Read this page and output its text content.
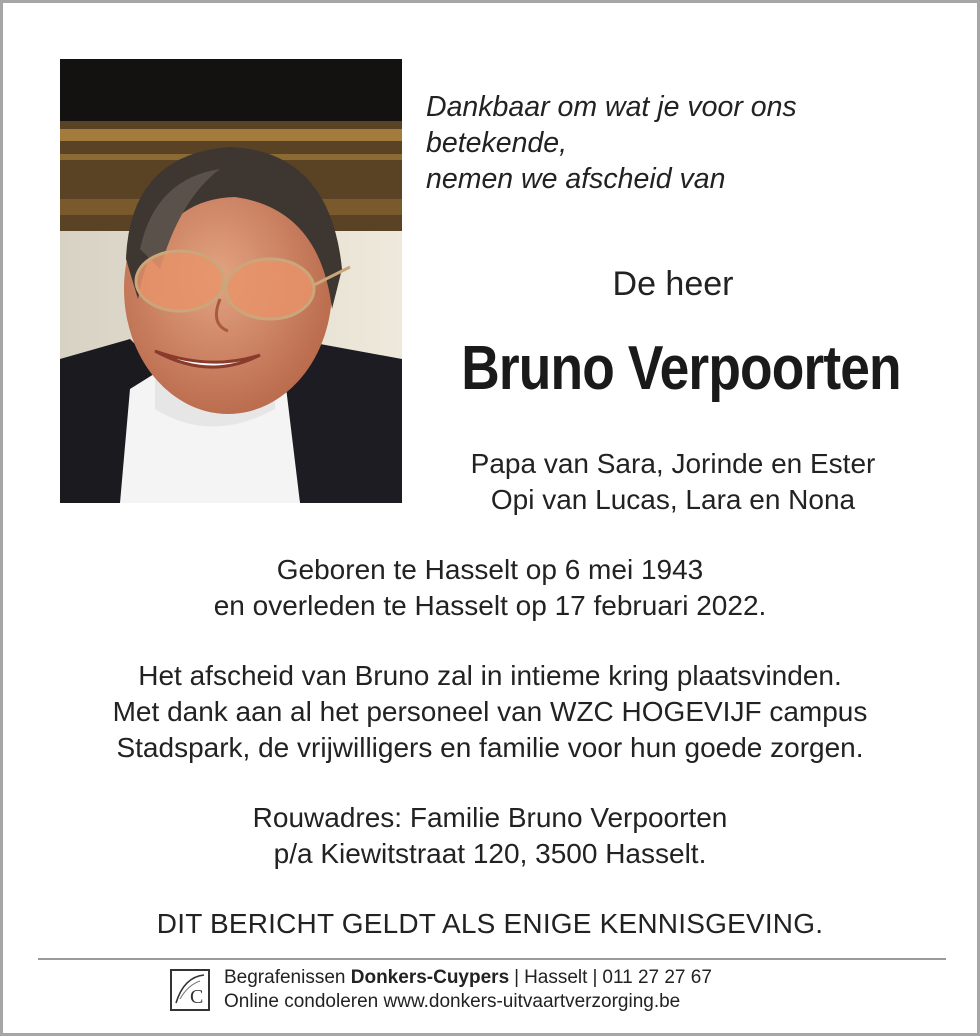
Dankbaar om wat je voor ons
betekende,
nemen we afscheid van
De heer
Bruno Verpoorten
Papa van Sara, Jorinde en Ester
Opi van Lucas, Lara en Nona
Geboren te Hasselt op 6 mei 1943
en overleden te Hasselt op 17 februari 2022.
Het afscheid van Bruno zal in intieme kring plaatsvinden.
Met dank aan al het personeel van WZC HOGEVIJF campus
Stadspark, de vrijwilligers en familie voor hun goede zorgen.
Rouwadres: Familie Bruno Verpoorten
p/a Kiewitstraat 120, 3500 Hasselt.
DIT BERICHT GELDT ALS ENIGE KENNISGEVING.
C
Begrafenissen Donkers-Cuypers | Hasselt | 011 27 27 67
Online condoleren www.donkers-uitvaartverzorging.be
